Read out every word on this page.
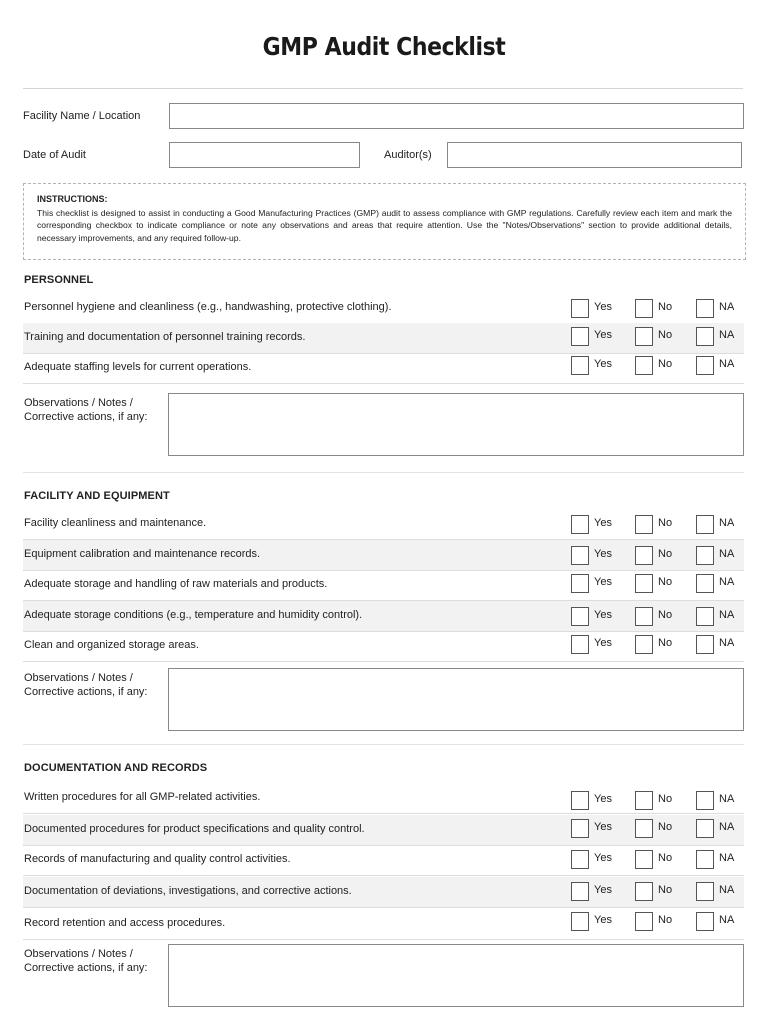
GMP Audit Checklist
Facility Name / Location
Date of Audit	Auditor(s)
INSTRUCTIONS:
This checklist is designed to assist in conducting a Good Manufacturing Practices (GMP) audit to assess compliance with GMP regulations. Carefully review each item and mark the corresponding checkbox to indicate compliance or note any observations and areas that require attention. Use the "Notes/Observations" section to provide additional details, necessary improvements, and any required follow-up.
PERSONNEL
Personnel hygiene and cleanliness (e.g., handwashing, protective clothing).	Yes	No	NA
Training and documentation of personnel training records.	Yes	No	NA
Adequate staffing levels for current operations.	Yes	No	NA
Observations / Notes / Corrective actions, if any:
FACILITY AND EQUIPMENT
Facility cleanliness and maintenance.	Yes	No	NA
Equipment calibration and maintenance records.	Yes	No	NA
Adequate storage and handling of raw materials and products.	Yes	No	NA
Adequate storage conditions (e.g., temperature and humidity control).	Yes	No	NA
Clean and organized storage areas.	Yes	No	NA
Observations / Notes / Corrective actions, if any:
DOCUMENTATION AND RECORDS
Written procedures for all GMP-related activities.	Yes	No	NA
Documented procedures for product specifications and quality control.	Yes	No	NA
Records of manufacturing and quality control activities.	Yes	No	NA
Documentation of deviations, investigations, and corrective actions.	Yes	No	NA
Record retention and access procedures.	Yes	No	NA
Observations / Notes / Corrective actions, if any:
